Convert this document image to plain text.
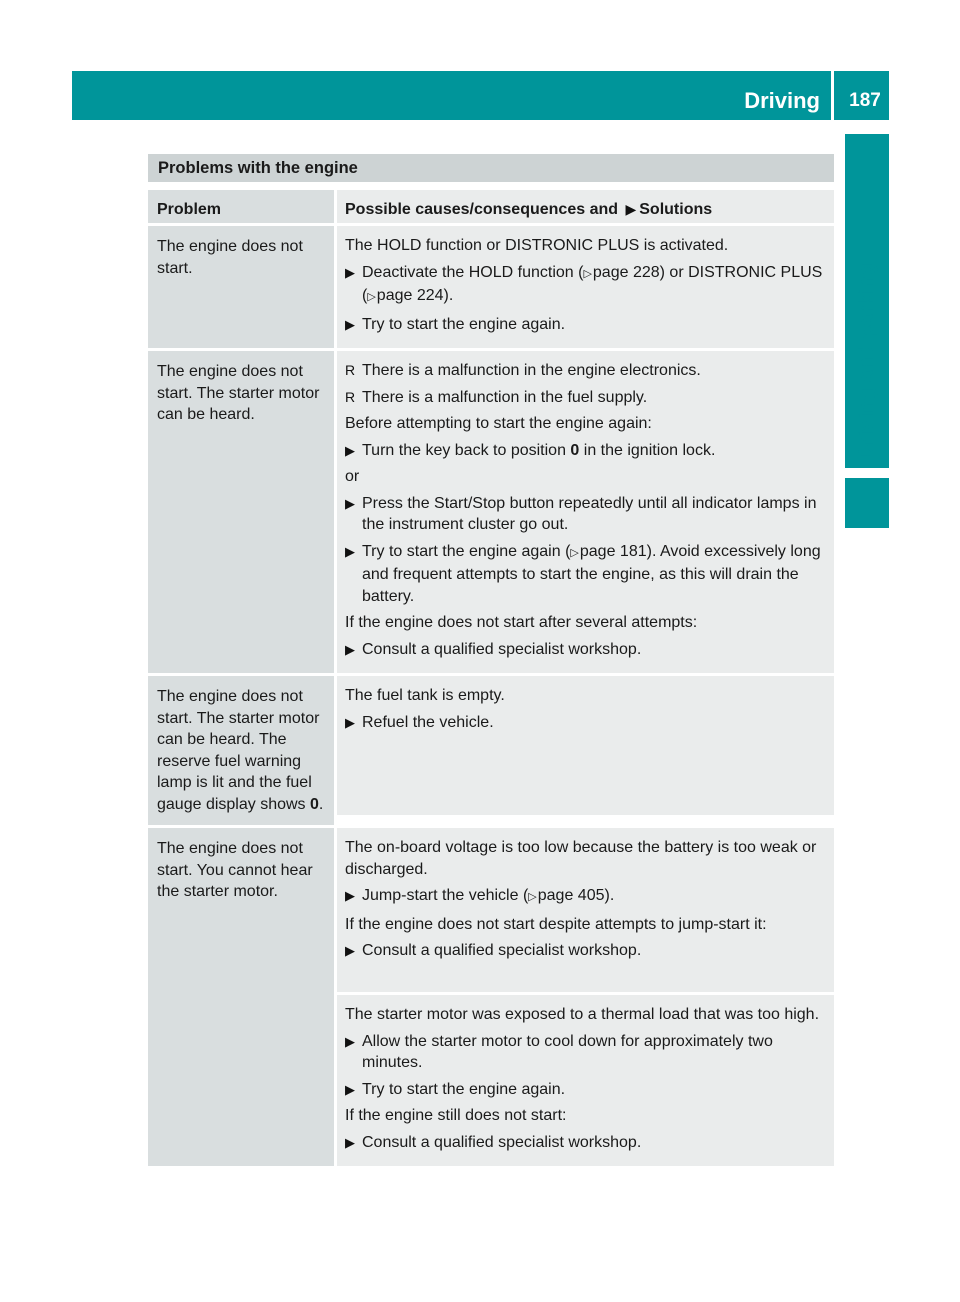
Driving	187
Driving and parking
Problems with the engine
Problem	Possible causes/consequences and ▶ Solutions
The engine does not start.
The HOLD function or DISTRONIC PLUS is activated.
▶ Deactivate the HOLD function (▷page 228) or DISTRONIC PLUS (▷page 224).
▶ Try to start the engine again.
The engine does not start. The starter motor can be heard.
R There is a malfunction in the engine electronics.
R There is a malfunction in the fuel supply.
Before attempting to start the engine again:
▶ Turn the key back to position 0 in the ignition lock.
or
▶ Press the Start/Stop button repeatedly until all indicator lamps in the instrument cluster go out.
▶ Try to start the engine again (▷page 181). Avoid excessively long and frequent attempts to start the engine, as this will drain the battery.
If the engine does not start after several attempts:
▶ Consult a qualified specialist workshop.
The engine does not start. The starter motor can be heard. The reserve fuel warning lamp is lit and the fuel gauge display shows 0.
The fuel tank is empty.
▶ Refuel the vehicle.
The engine does not start. You cannot hear the starter motor.
The on-board voltage is too low because the battery is too weak or discharged.
▶ Jump-start the vehicle (▷page 405).
If the engine does not start despite attempts to jump-start it:
▶ Consult a qualified specialist workshop.
The starter motor was exposed to a thermal load that was too high.
▶ Allow the starter motor to cool down for approximately two minutes.
▶ Try to start the engine again.
If the engine still does not start:
▶ Consult a qualified specialist workshop.
